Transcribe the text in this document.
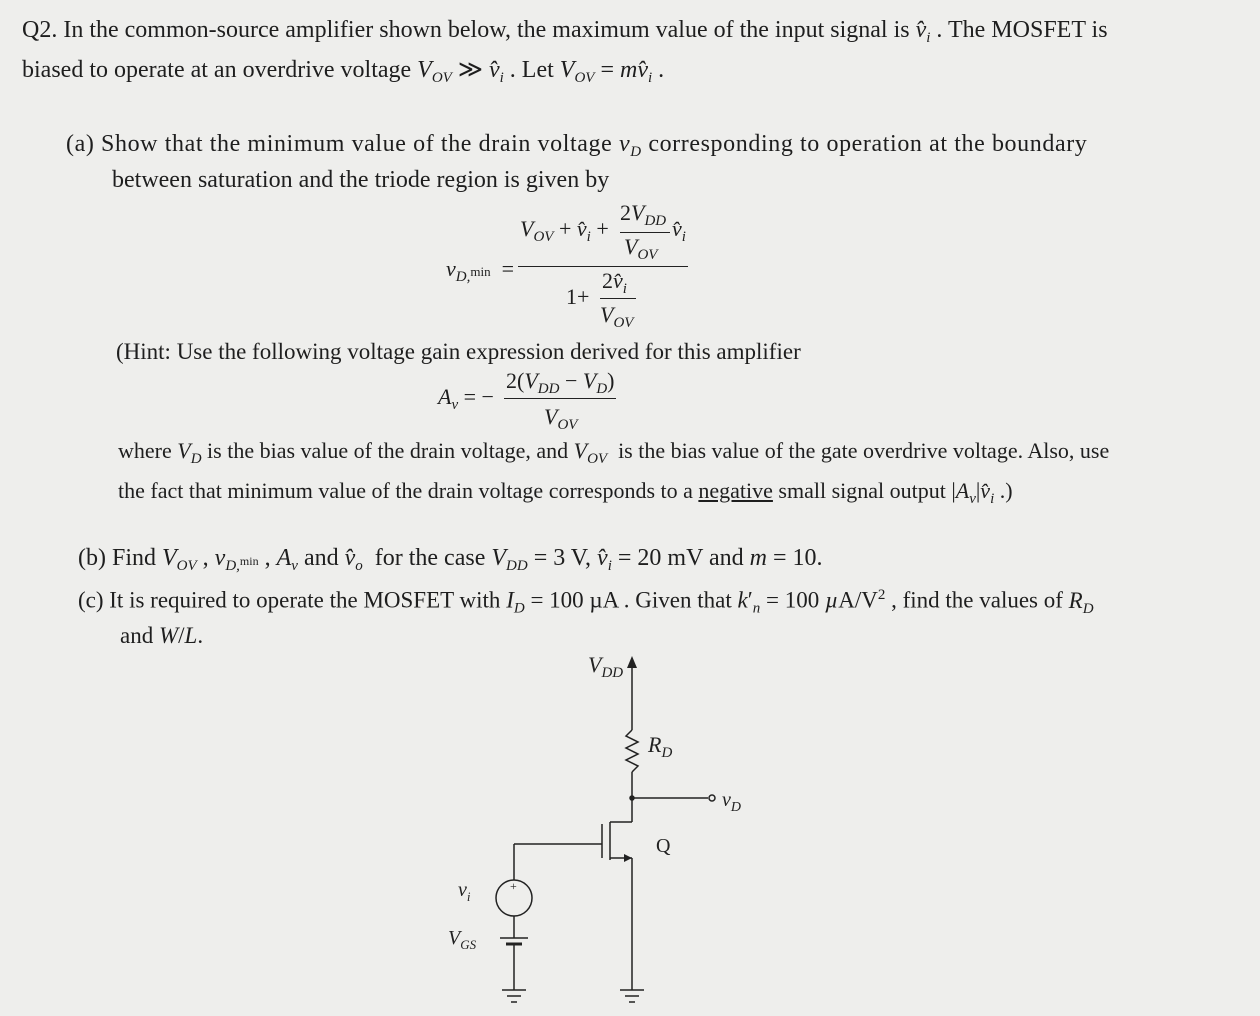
Q2. In the common-source amplifier shown below, the maximum value of the input signal is $v̂_i$ . The MOSFET is
biased to operate at an overdrive voltage $V_{OV}$ ≫ $v̂_i$ . Let $V_{OV}$ = $mv̂_i$ .
(a) Show that the minimum value of the drain voltage $v_D$ corresponding to operation at the boundary
between saturation and the triode region is given by
$v_{D,}\min$  =
$V_{OV}$ + $v̂_i$ +
$2V_{DD}$
$V_{OV}$
$v̂_i$
1+
$2v̂_i$
$V_{OV}$
(Hint: Use the following voltage gain expression derived for this amplifier
$A_v$ = −
$2(V_{DD} - V_D)$
$V_{OV}$
where $V_D$ is the bias value of the drain voltage, and $V_{OV}$  is the bias value of the gate overdrive voltage. Also, use
the fact that minimum value of the drain voltage corresponds to a negative small signal output $|A_v|v̂_i$ .)
(b) Find $V_{OV}$ , $v_{D,}\min$ , $A_v$ and $v̂_o$  for the case $V_{DD} = 3$ V, $v̂_i = 20$ mV and m = 10.
(c) It is required to operate the MOSFET with $I_D = 100$ µA . Given that $k'_n = 100$ $\mu A/V^2$ , find the values of $R_D$
and W/L.
$V_{DD}$
$R_D$
$v_D$
Q
$v_i$
+
$V_{GS}$
